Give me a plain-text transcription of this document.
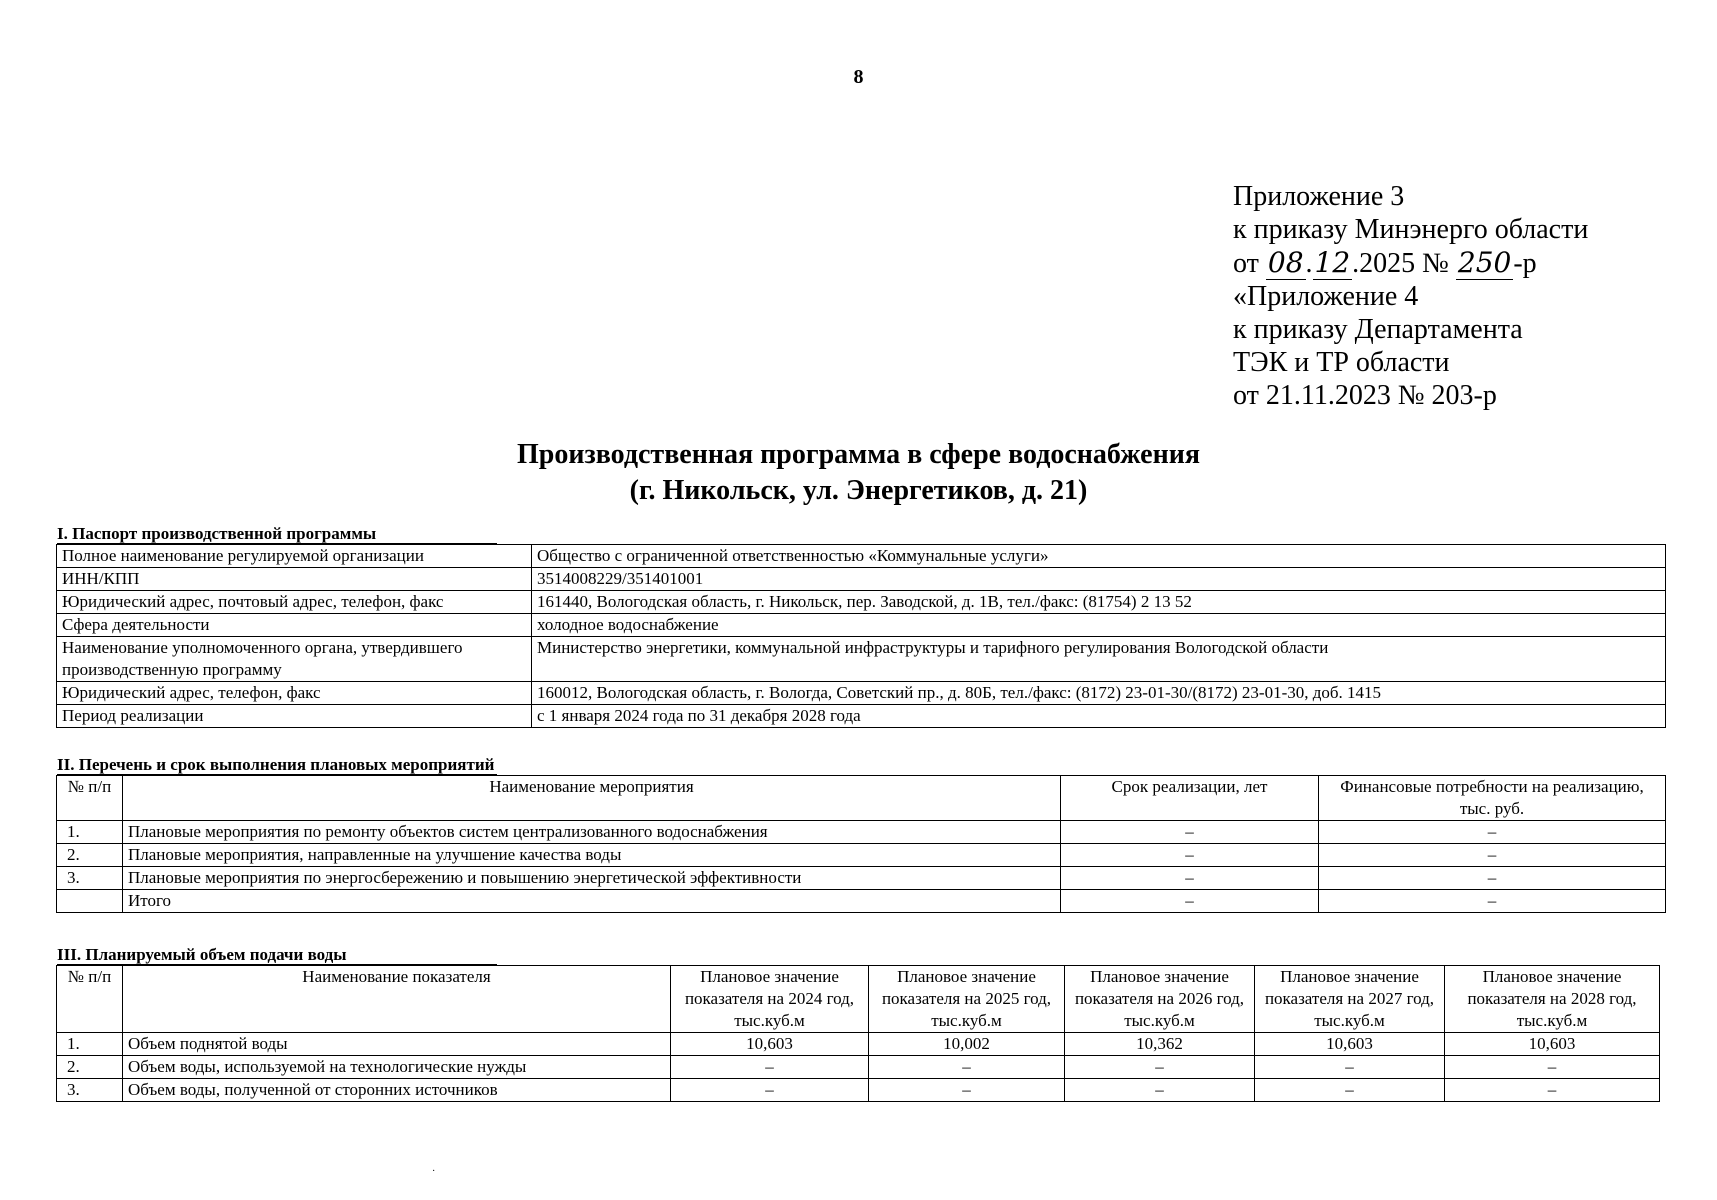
8
Приложение 3
к приказу Минэнерго области
от 08.12.2025 № 250-р
«Приложение 4
к приказу Департамента
ТЭК и ТР области
от 21.11.2023 № 203-р
Производственная программа в сфере водоснабжения
(г. Никольск, ул. Энергетиков, д. 21)
I. Паспорт производственной программы
Полное наименование регулируемой организации	Общество с ограниченной ответственностью «Коммунальные услуги»
ИНН/КПП	3514008229/351401001
Юридический адрес, почтовый адрес, телефон, факс	161440, Вологодская область, г. Никольск, пер. Заводской, д. 1В, тел./факс: (81754) 2 13 52
Сфера деятельности	холодное водоснабжение
Наименование уполномоченного органа, утвердившего производственную программу	Министерство энергетики, коммунальной инфраструктуры и тарифного регулирования Вологодской области
Юридический адрес, телефон, факс	160012, Вологодская область, г. Вологда, Советский пр., д. 80Б, тел./факс: (8172) 23-01-30/(8172) 23-01-30, доб. 1415
Период реализации	с 1 января 2024 года по 31 декабря 2028 года
II. Перечень и срок выполнения плановых мероприятий
№ п/п	Наименование мероприятия	Срок реализации, лет	Финансовые потребности на реализацию, тыс. руб.
1.	Плановые мероприятия по ремонту объектов систем централизованного водоснабжения	–	–
2.	Плановые мероприятия, направленные на улучшение качества воды	–	–
3.	Плановые мероприятия по энергосбережению и повышению энергетической эффективности	–	–
	Итого	–	–
III. Планируемый объем подачи воды
№ п/п	Наименование показателя	Плановое значение показателя на 2024 год, тыс.куб.м	Плановое значение показателя на 2025 год, тыс.куб.м	Плановое значение показателя на 2026 год, тыс.куб.м	Плановое значение показателя на 2027 год, тыс.куб.м	Плановое значение показателя на 2028 год, тыс.куб.м
1.	Объем поднятой воды	10,603	10,002	10,362	10,603	10,603
2.	Объем воды, используемой на технологические нужды	–	–	–	–	–
3.	Объем воды, полученной от сторонних источников	–	–	–	–	–
·
